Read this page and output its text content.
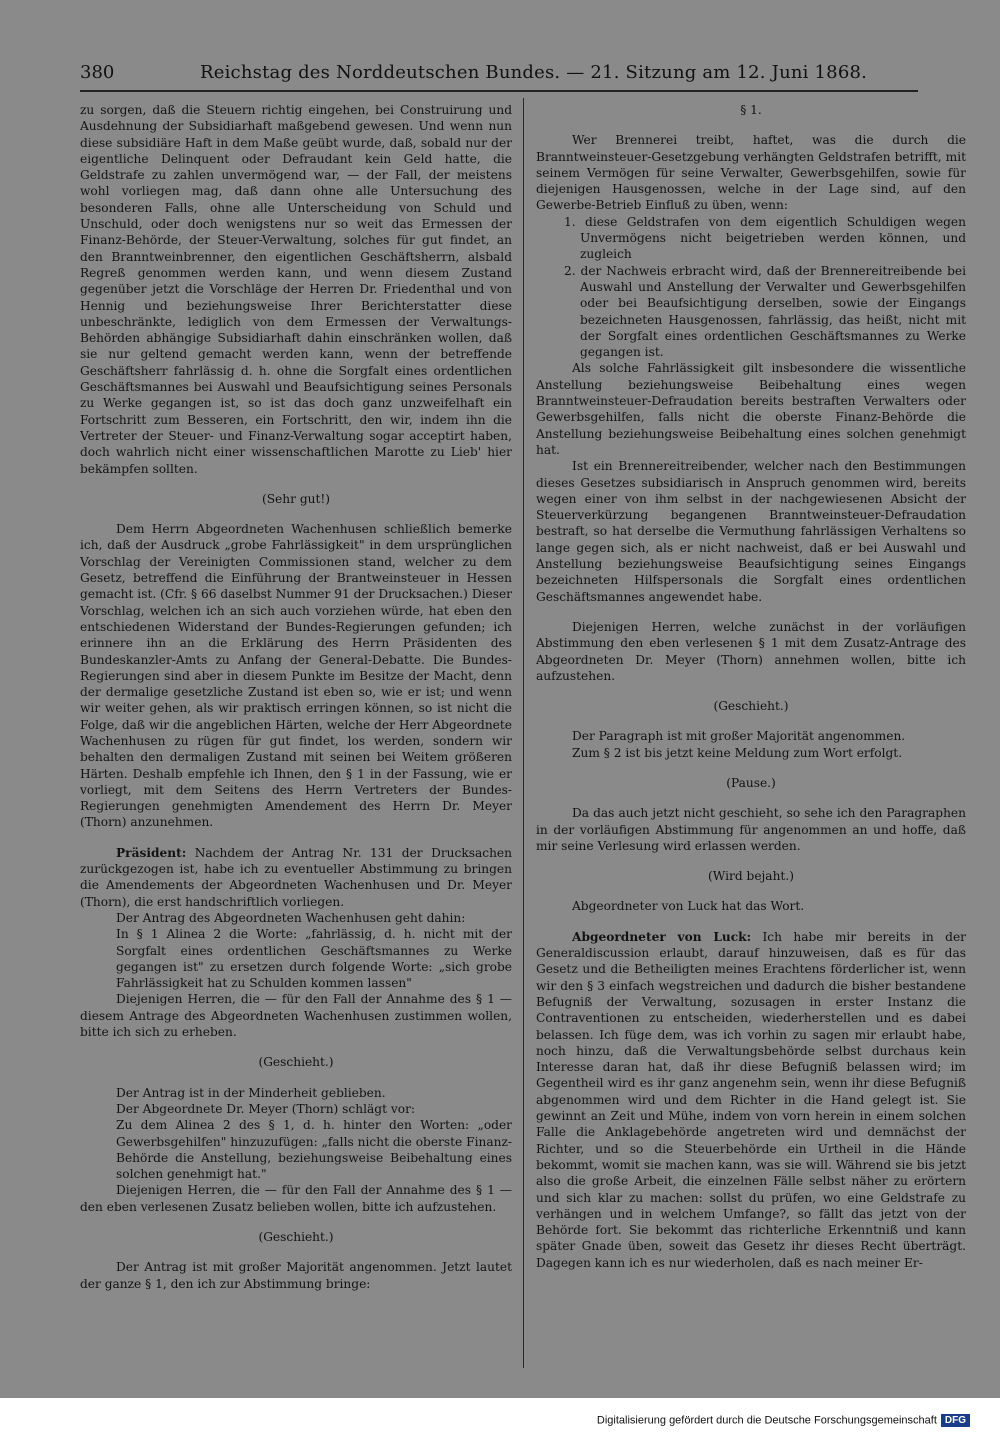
380	Reichstag des Norddeutschen Bundes. — 21. Sitzung am 12. Juni 1868.

zu sorgen, daß die Steuern richtig eingehen, bei Construirung und Ausdehnung der Subsidiarhaft maßgebend gewesen. Und wenn nun diese subsidiäre Haft in dem Maße geübt wurde, daß, sobald nur der eigentliche Delinquent oder Defraudant kein Geld hatte, die Geldstrafe zu zahlen unvermögend war, — der Fall, der meistens wohl vorliegen mag, daß dann ohne alle Untersuchung des besonderen Falls, ohne alle Unterscheidung von Schuld und Unschuld, oder doch wenigstens nur so weit das Ermessen der Finanz-Behörde, der Steuer-Verwaltung, solches für gut findet, an den Branntweinbrenner, den eigentlichen Geschäftsherrn, alsbald Regreß genommen werden kann, und wenn diesem Zustand gegenüber jetzt die Vorschläge der Herren Dr. Friedenthal und von Hennig und beziehungsweise Ihrer Berichterstatter diese unbeschränkte, lediglich von dem Ermessen der Verwaltungs-Behörden abhängige Subsidiarhaft dahin einschränken wollen, daß sie nur geltend gemacht werden kann, wenn der betreffende Geschäftsherr fahrlässig d. h. ohne die Sorgfalt eines ordentlichen Geschäftsmannes bei Auswahl und Beaufsichtigung seines Personals zu Werke gegangen ist, so ist das doch ganz unzweifelhaft ein Fortschritt zum Besseren, ein Fortschritt, den wir, indem ihn die Vertreter der Steuer- und Finanz-Verwaltung sogar acceptirt haben, doch wahrlich nicht einer wissenschaftlichen Marotte zu Lieb' hier bekämpfen sollten.

(Sehr gut!)

Dem Herrn Abgeordneten Wachenhusen schließlich bemerke ich, daß der Ausdruck „grobe Fahrlässigkeit" in dem ursprünglichen Vorschlag der Vereinigten Commissionen stand, welcher zu dem Gesetz, betreffend die Einführung der Brantweinsteuer in Hessen gemacht ist. (Cfr. § 66 daselbst Nummer 91 der Drucksachen.) Dieser Vorschlag, welchen ich an sich auch vorziehen würde, hat eben den entschiedenen Widerstand der Bundes-Regierungen gefunden; ich erinnere ihn an die Erklärung des Herrn Präsidenten des Bundeskanzler-Amts zu Anfang der General-Debatte. Die Bundes-Regierungen sind aber in diesem Punkte im Besitze der Macht, denn der dermalige gesetzliche Zustand ist eben so, wie er ist; und wenn wir weiter gehen, als wir praktisch erringen können, so ist nicht die Folge, daß wir die angeblichen Härten, welche der Herr Abgeordnete Wachenhusen zu rügen für gut findet, los werden, sondern wir behalten den dermaligen Zustand mit seinen bei Weitem größeren Härten. Deshalb empfehle ich Ihnen, den § 1 in der Fassung, wie er vorliegt, mit dem Seitens des Herrn Vertreters der Bundes-Regierungen genehmigten Amendement des Herrn Dr. Meyer (Thorn) anzunehmen.

Präsident: Nachdem der Antrag Nr. 131 der Drucksachen zurückgezogen ist, habe ich zu eventueller Abstimmung zu bringen die Amendements der Abgeordneten Wachenhusen und Dr. Meyer (Thorn), die erst handschriftlich vorliegen.

Der Antrag des Abgeordneten Wachenhusen geht dahin:

In § 1 Alinea 2 die Worte: „fahrlässig, d. h. nicht mit der Sorgfalt eines ordentlichen Geschäftsmannes zu Werke gegangen ist" zu ersetzen durch folgende Worte: „sich grobe Fahrlässigkeit hat zu Schulden kommen lassen"

Diejenigen Herren, die — für den Fall der Annahme des § 1 — diesem Antrage des Abgeordneten Wachenhusen zustimmen wollen, bitte ich sich zu erheben.

(Geschieht.)

Der Antrag ist in der Minderheit geblieben.

Der Abgeordnete Dr. Meyer (Thorn) schlägt vor:

Zu dem Alinea 2 des § 1, d. h. hinter den Worten: „oder Gewerbsgehilfen" hinzuzufügen: „falls nicht die oberste Finanz-Behörde die Anstellung, beziehungsweise Beibehaltung eines solchen genehmigt hat."

Diejenigen Herren, die — für den Fall der Annahme des § 1 — den eben verlesenen Zusatz belieben wollen, bitte ich aufzustehen.

(Geschieht.)

Der Antrag ist mit großer Majorität angenommen. Jetzt lautet der ganze § 1, den ich zur Abstimmung bringe:

§ 1.

Wer Brennerei treibt, haftet, was die durch die Branntweinsteuer-Gesetzgebung verhängten Geldstrafen betrifft, mit seinem Vermögen für seine Verwalter, Gewerbsgehilfen, sowie für diejenigen Hausgenossen, welche in der Lage sind, auf den Gewerbe-Betrieb Einfluß zu üben, wenn:

1. diese Geldstrafen von dem eigentlich Schuldigen wegen Unvermögens nicht beigetrieben werden können, und zugleich

2. der Nachweis erbracht wird, daß der Brennereitreibende bei Auswahl und Anstellung der Verwalter und Gewerbsgehilfen oder bei Beaufsichtigung derselben, sowie der Eingangs bezeichneten Hausgenossen, fahrlässig, das heißt, nicht mit der Sorgfalt eines ordentlichen Geschäftsmannes zu Werke gegangen ist.

Als solche Fahrlässigkeit gilt insbesondere die wissentliche Anstellung beziehungsweise Beibehaltung eines wegen Branntweinsteuer-Defraudation bereits bestraften Verwalters oder Gewerbsgehilfen, falls nicht die oberste Finanz-Behörde die Anstellung beziehungsweise Beibehaltung eines solchen genehmigt hat.

Ist ein Brennereitreibender, welcher nach den Bestimmungen dieses Gesetzes subsidiarisch in Anspruch genommen wird, bereits wegen einer von ihm selbst in der nachgewiesenen Absicht der Steuerverkürzung begangenen Branntweinsteuer-Defraudation bestraft, so hat derselbe die Vermuthung fahrlässigen Verhaltens so lange gegen sich, als er nicht nachweist, daß er bei Auswahl und Anstellung beziehungsweise Beaufsichtigung seines Eingangs bezeichneten Hilfspersonals die Sorgfalt eines ordentlichen Geschäftsmannes angewendet habe.

Diejenigen Herren, welche zunächst in der vorläufigen Abstimmung den eben verlesenen § 1 mit dem Zusatz-Antrage des Abgeordneten Dr. Meyer (Thorn) annehmen wollen, bitte ich aufzustehen.

(Geschieht.)

Der Paragraph ist mit großer Majorität angenommen.

Zum § 2 ist bis jetzt keine Meldung zum Wort erfolgt.

(Pause.)

Da das auch jetzt nicht geschieht, so sehe ich den Paragraphen in der vorläufigen Abstimmung für angenommen an und hoffe, daß mir seine Verlesung wird erlassen werden.

(Wird bejaht.)

Abgeordneter von Luck hat das Wort.

Abgeordneter von Luck: Ich habe mir bereits in der Generaldiscussion erlaubt, darauf hinzuweisen, daß es für das Gesetz und die Betheiligten meines Erachtens förderlicher ist, wenn wir den § 3 einfach wegstreichen und dadurch die bisher bestandene Befugniß der Verwaltung, sozusagen in erster Instanz die Contraventionen zu entscheiden, wiederherstellen und es dabei belassen. Ich füge dem, was ich vorhin zu sagen mir erlaubt habe, noch hinzu, daß die Verwaltungsbehörde selbst durchaus kein Interesse daran hat, daß ihr diese Befugniß belassen wird; im Gegentheil wird es ihr ganz angenehm sein, wenn ihr diese Befugniß abgenommen wird und dem Richter in die Hand gelegt ist. Sie gewinnt an Zeit und Mühe, indem von vorn herein in einem solchen Falle die Anklagebehörde angetreten wird und demnächst der Richter, und so die Steuerbehörde ein Urtheil in die Hände bekommt, womit sie machen kann, was sie will. Während sie bis jetzt also die große Arbeit, die einzelnen Fälle selbst näher zu erörtern und sich klar zu machen: sollst du prüfen, wo eine Geldstrafe zu verhängen und in welchem Umfange?, so fällt das jetzt von der Behörde fort. Sie bekommt das richterliche Erkenntniß und kann später Gnade üben, soweit das Gesetz ihr dieses Recht überträgt. Dagegen kann ich es nur wiederholen, daß es nach meiner Er-

Digitalisierung gefördert durch die Deutsche Forschungsgemeinschaft DFG
